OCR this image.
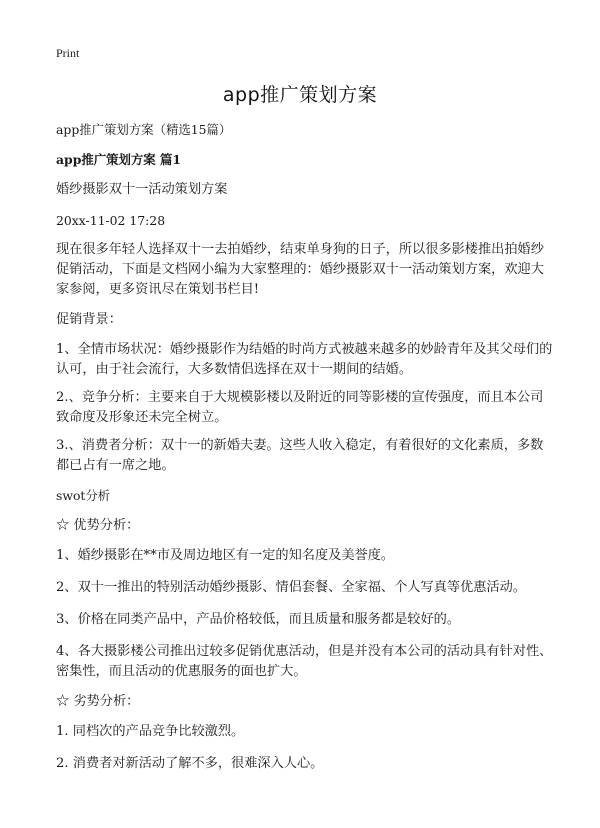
Print
app推广策划方案
app推广策划方案（精选15篇）
app推广策划方案 篇1
婚纱摄影双十一活动策划方案
20xx-11-02 17:28
现在很多年轻人选择双十一去拍婚纱，结束单身狗的日子，所以很多影楼推出拍婚纱促销活动，下面是文档网小编为大家整理的：婚纱摄影双十一活动策划方案，欢迎大家参阅，更多资讯尽在策划书栏目!
促销背景：
1、全情市场状况：婚纱摄影作为结婚的时尚方式被越来越多的妙龄青年及其父母们的认可，由于社会流行，大多数情侣选择在双十一期间的结婚。
2.、竞争分析：主要来自于大规模影楼以及附近的同等影楼的宣传强度，而且本公司致命度及形象还未完全树立。
3.、消费者分析：双十一的新婚夫妻。这些人收入稳定，有着很好的文化素质，多数都已占有一席之地。
swot分析
☆ 优势分析：
1、婚纱摄影在**市及周边地区有一定的知名度及美誉度。
2、双十一推出的特别活动婚纱摄影、情侣套餐、全家福、个人写真等优惠活动。
3、价格在同类产品中，产品价格较低，而且质量和服务都是较好的。
4、各大摄影楼公司推出过较多促销优惠活动，但是并没有本公司的活动具有针对性、密集性，而且活动的优惠服务的面也扩大。
☆ 劣势分析：
1. 同档次的产品竞争比较激烈。
2. 消费者对新活动了解不多，很难深入人心。
